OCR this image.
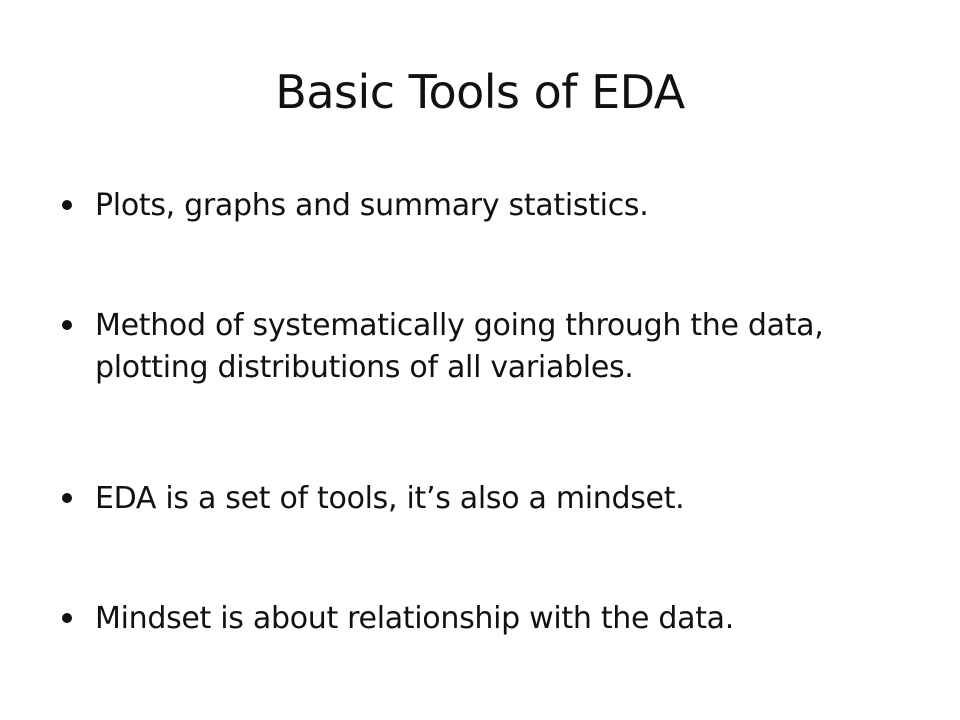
Basic Tools of EDA
Plots, graphs and summary statistics.
Method of systematically going through the data, plotting distributions of all variables.
EDA is a set of tools, it’s also a mindset.
Mindset is about relationship with the data.
